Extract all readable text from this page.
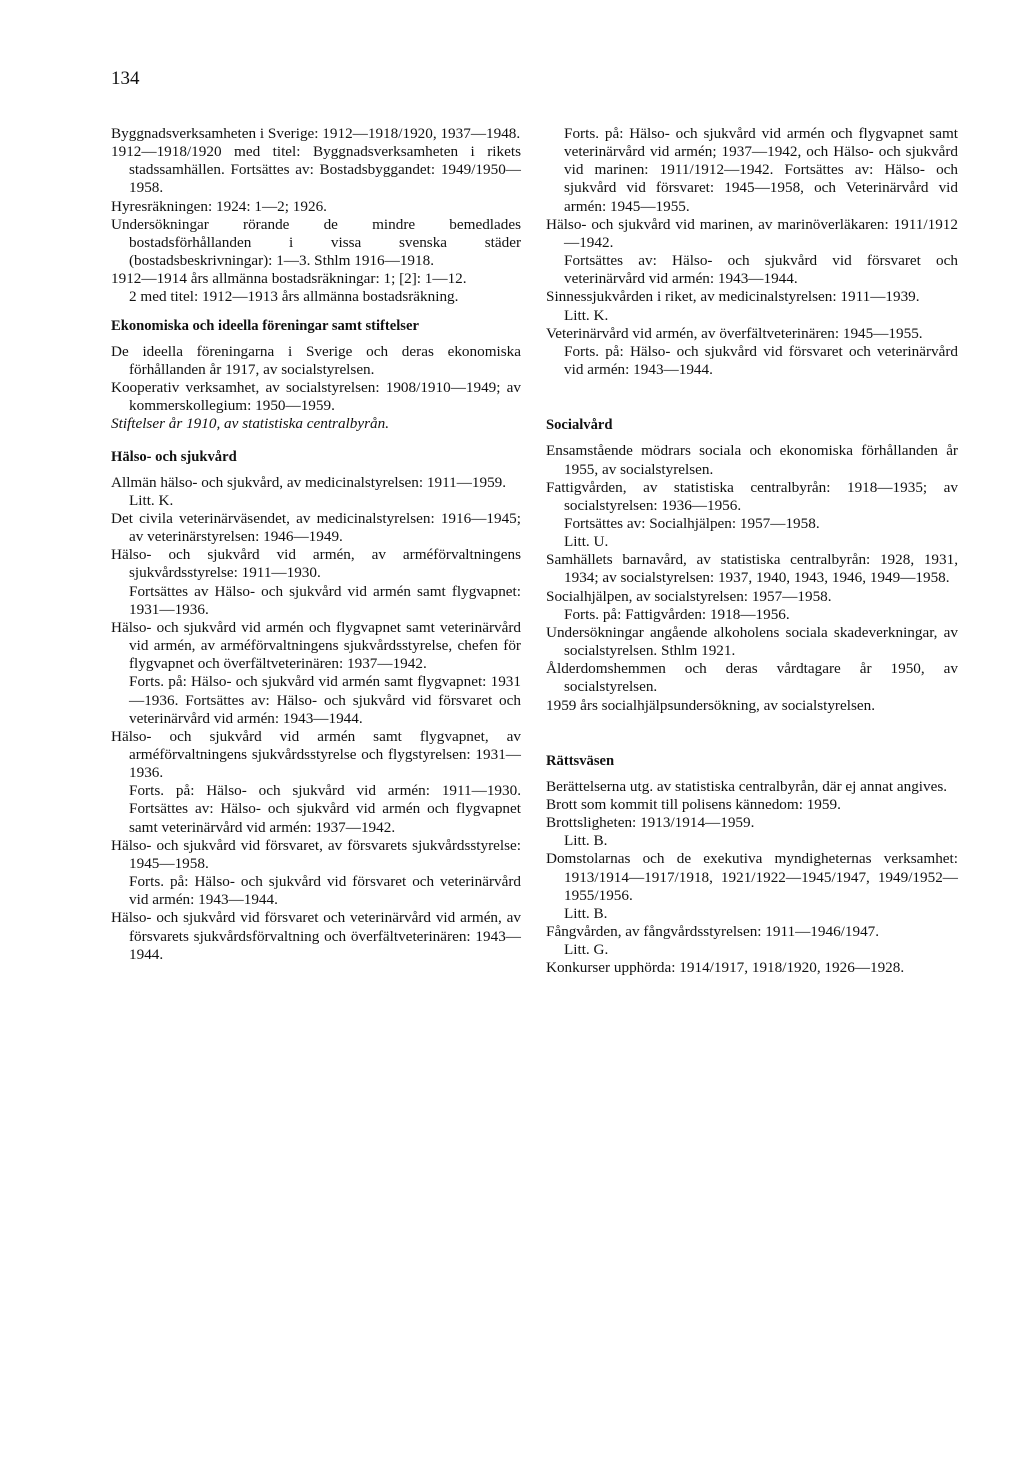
134

Byggnadsverksamheten i Sverige: 1912—1918/1920, 1937—1948.

1912—1918/1920 med titel: Byggnadsverksamheten i rikets stadssamhällen. Fortsättes av: Bostadsbyggandet: 1949/1950—1958.

Hyresräkningen: 1924: 1—2; 1926.

Undersökningar rörande de mindre bemedlades bostadsförhållanden i vissa svenska städer (bostadsbeskrivningar): 1—3. Sthlm 1916—1918.

1912—1914 års allmänna bostadsräkningar: 1; [2]: 1—12.

2 med titel: 1912—1913 års allmänna bostadsräkning.

Ekonomiska och ideella föreningar samt stiftelser

De ideella föreningarna i Sverige och deras ekonomiska förhållanden år 1917, av socialstyrelsen.

Kooperativ verksamhet, av socialstyrelsen: 1908/1910—1949; av kommerskollegium: 1950—1959.

Stiftelser år 1910, av statistiska centralbyrån.

Hälso- och sjukvård

Allmän hälso- och sjukvård, av medicinalstyrelsen: 1911—1959.

Litt. K.

Det civila veterinärväsendet, av medicinalstyrelsen: 1916—1945; av veterinärstyrelsen: 1946—1949.

Hälso- och sjukvård vid armén, av arméförvaltningens sjukvårdsstyrelse: 1911—1930.

Fortsättes av Hälso- och sjukvård vid armén samt flygvapnet: 1931—1936.

Hälso- och sjukvård vid armén och flygvapnet samt veterinärvård vid armén, av arméförvaltningens sjukvårdsstyrelse, chefen för flygvapnet och överfältveterinären: 1937—1942.

Forts. på: Hälso- och sjukvård vid armén samt flygvapnet: 1931—1936. Fortsättes av: Hälso- och sjukvård vid försvaret och veterinärvård vid armén: 1943—1944.

Hälso- och sjukvård vid armén samt flygvapnet, av arméförvaltningens sjukvårdsstyrelse och flygstyrelsen: 1931—1936.

Forts. på: Hälso- och sjukvård vid armén: 1911—1930. Fortsättes av: Hälso- och sjukvård vid armén och flygvapnet samt veterinärvård vid armén: 1937—1942.

Hälso- och sjukvård vid försvaret, av försvarets sjukvårdsstyrelse: 1945—1958.

Forts. på: Hälso- och sjukvård vid försvaret och veterinärvård vid armén: 1943—1944.

Hälso- och sjukvård vid försvaret och veterinärvård vid armén, av försvarets sjukvårdsförvaltning och överfältveterinären: 1943—1944.

Forts. på: Hälso- och sjukvård vid armén och flygvapnet samt veterinärvård vid armén; 1937—1942, och Hälso- och sjukvård vid marinen: 1911/1912—1942. Fortsättes av: Hälso- och sjukvård vid försvaret: 1945—1958, och Veterinärvård vid armén: 1945—1955.

Hälso- och sjukvård vid marinen, av marinöverläkaren: 1911/1912—1942.

Fortsättes av: Hälso- och sjukvård vid försvaret och veterinärvård vid armén: 1943—1944.

Sinnessjukvården i riket, av medicinalstyrelsen: 1911—1939.

Litt. K.

Veterinärvård vid armén, av överfältveterinären: 1945—1955.

Forts. på: Hälso- och sjukvård vid försvaret och veterinärvård vid armén: 1943—1944.

Socialvård

Ensamstående mödrars sociala och ekonomiska förhållanden år 1955, av socialstyrelsen.

Fattigvården, av statistiska centralbyrån: 1918—1935; av socialstyrelsen: 1936—1956.

Fortsättes av: Socialhjälpen: 1957—1958.

Litt. U.

Samhällets barnavård, av statistiska centralbyrån: 1928, 1931, 1934; av socialstyrelsen: 1937, 1940, 1943, 1946, 1949—1958.

Socialhjälpen, av socialstyrelsen: 1957—1958.

Forts. på: Fattigvården: 1918—1956.

Undersökningar angående alkoholens sociala skadeverkningar, av socialstyrelsen. Sthlm 1921.

Ålderdomshemmen och deras vårdtagare år 1950, av socialstyrelsen.

1959 års socialhjälpsundersökning, av socialstyrelsen.

Rättsväsen

Berättelserna utg. av statistiska centralbyrån, där ej annat angives.

Brott som kommit till polisens kännedom: 1959.

Brottsligheten: 1913/1914—1959.

Litt. B.

Domstolarnas och de exekutiva myndigheternas verksamhet: 1913/1914—1917/1918, 1921/1922—1945/1947, 1949/1952—1955/1956.

Litt. B.

Fångvården, av fångvårdsstyrelsen: 1911—1946/1947.

Litt. G.

Konkurser upphörda: 1914/1917, 1918/1920, 1926—1928.
